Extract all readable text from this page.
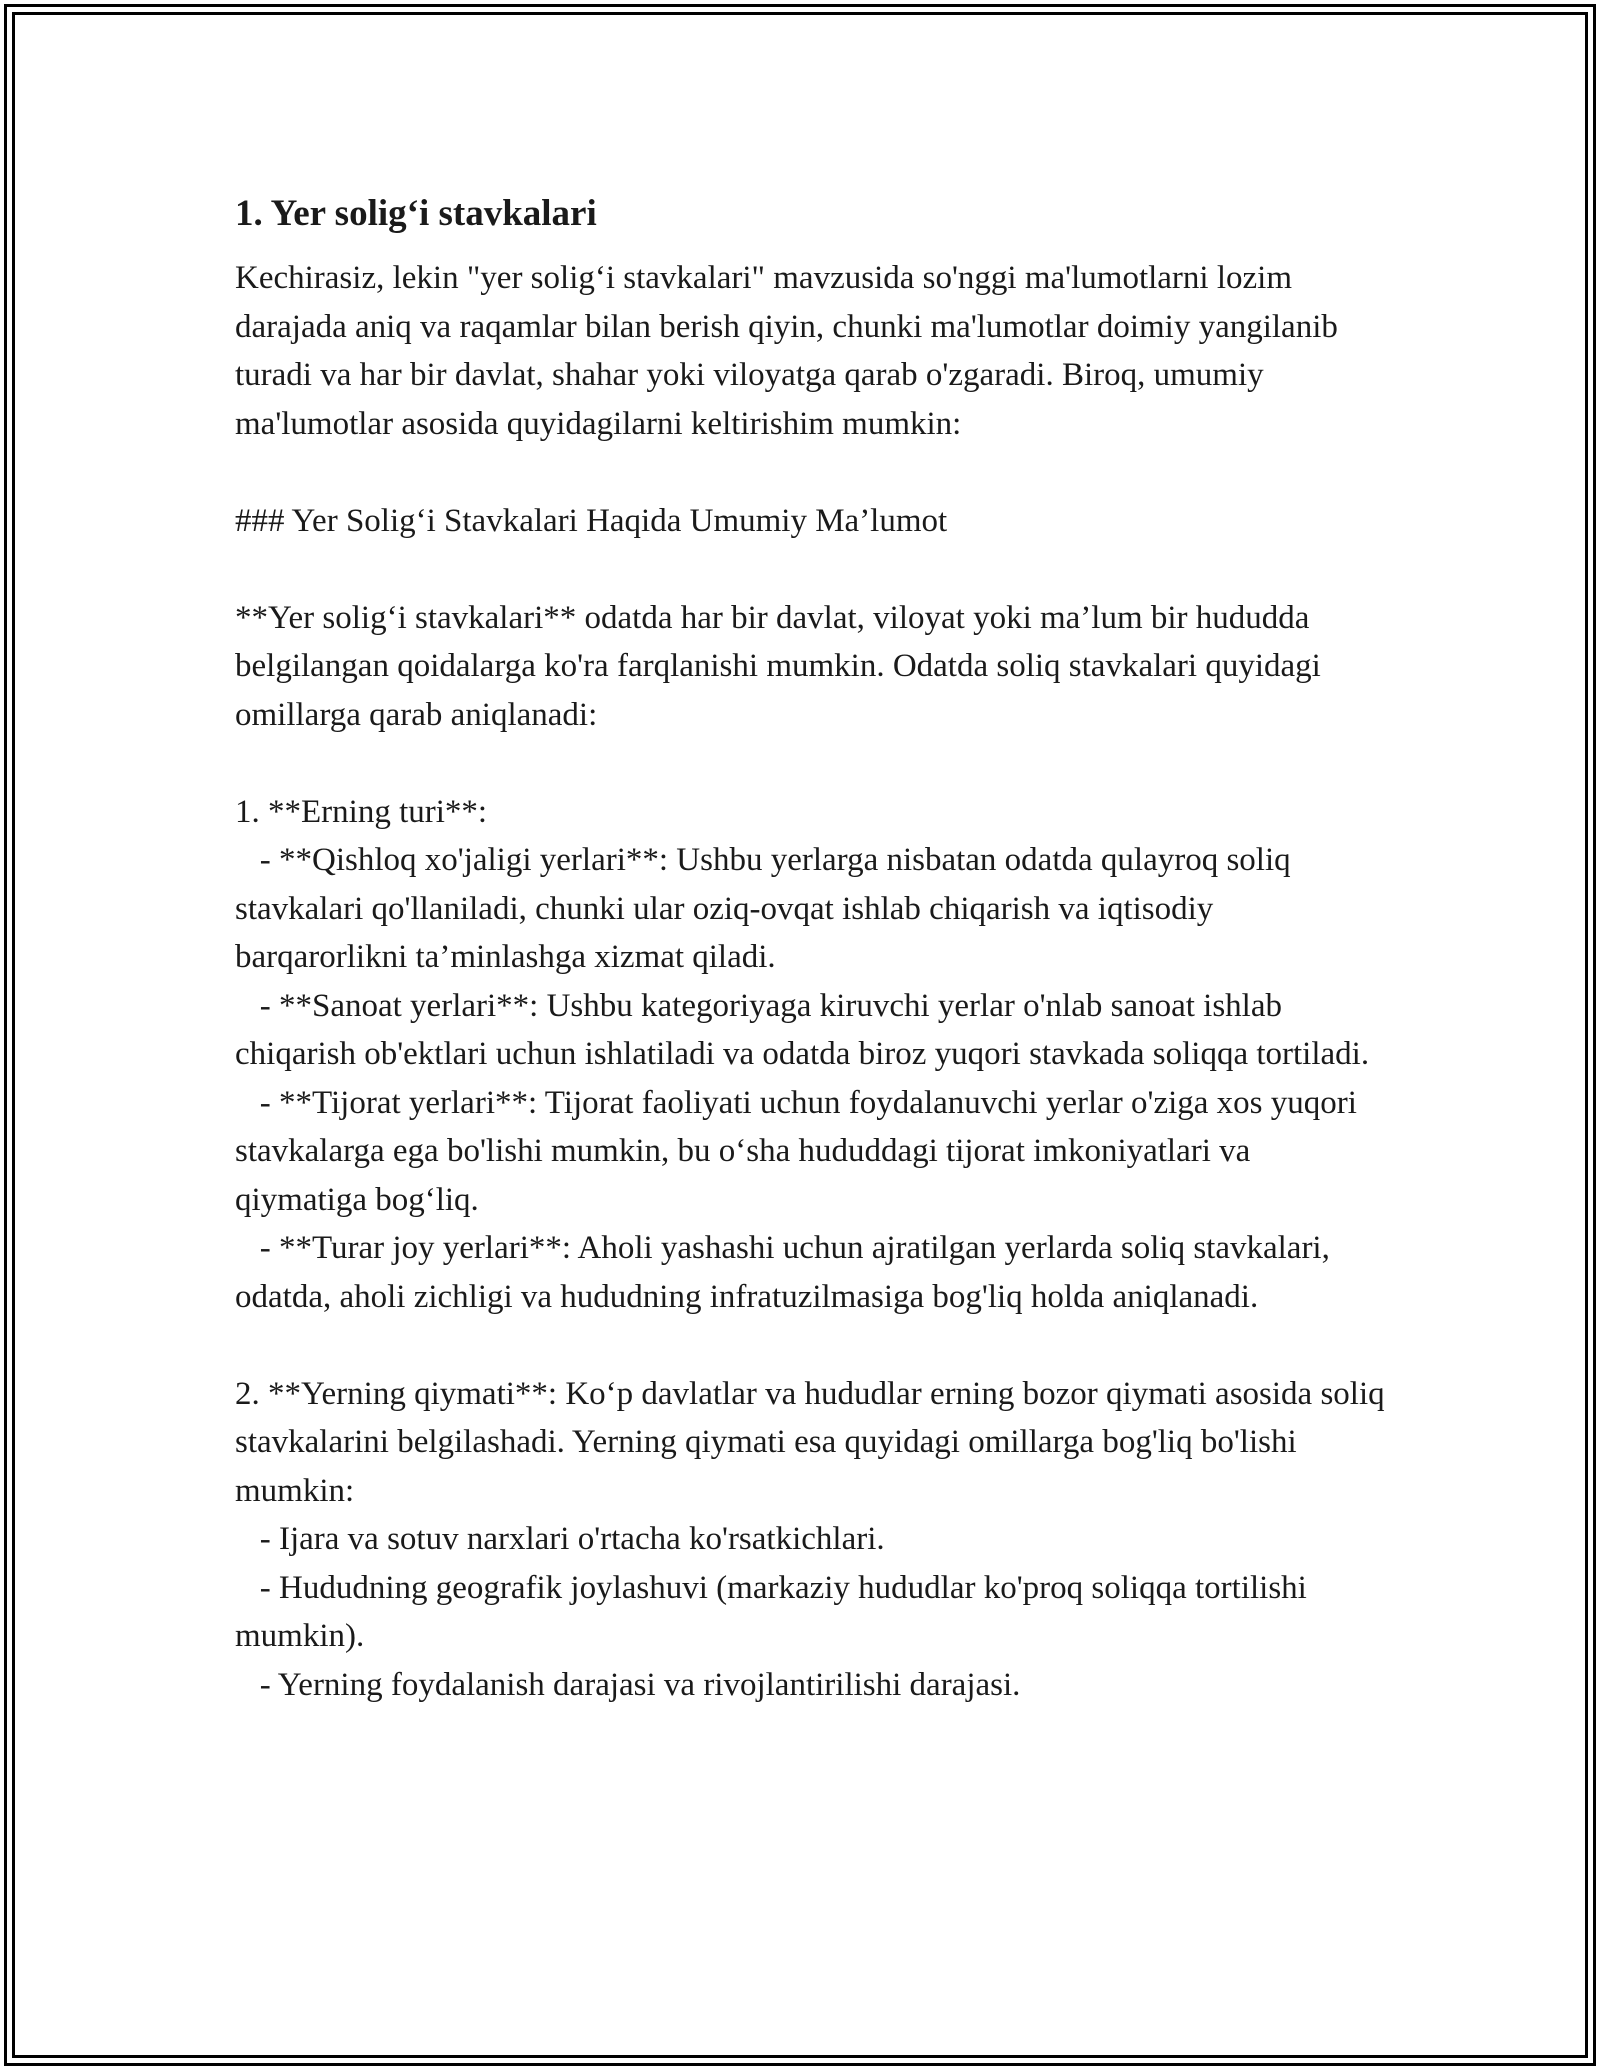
1. Yer solig‘i stavkalari

Kechirasiz, lekin "yer solig‘i stavkalari" mavzusida so'nggi ma'lumotlarni lozim darajada aniq va raqamlar bilan berish qiyin, chunki ma'lumotlar doimiy yangilanib turadi va har bir davlat, shahar yoki viloyatga qarab o'zgaradi. Biroq, umumiy ma'lumotlar asosida quyidagilarni keltirishim mumkin:

### Yer Solig‘i Stavkalari Haqida Umumiy Ma’lumot

**Yer solig‘i stavkalari** odatda har bir davlat, viloyat yoki ma’lum bir hududda belgilangan qoidalarga ko'ra farqlanishi mumkin. Odatda soliq stavkalari quyidagi omillarga qarab aniqlanadi:

1. **Erning turi**:

- **Qishloq xo'jaligi yerlari**: Ushbu yerlarga nisbatan odatda qulayroq soliq stavkalari qo'llaniladi, chunki ular oziq-ovqat ishlab chiqarish va iqtisodiy barqarorlikni ta’minlashga xizmat qiladi.

- **Sanoat yerlari**: Ushbu kategoriyaga kiruvchi yerlar o'nlab sanoat ishlab chiqarish ob'ektlari uchun ishlatiladi va odatda biroz yuqori stavkada soliqqa tortiladi.

- **Tijorat yerlari**: Tijorat faoliyati uchun foydalanuvchi yerlar o'ziga xos yuqori stavkalarga ega bo'lishi mumkin, bu o‘sha hududdagi tijorat imkoniyatlari va qiymatiga bog‘liq.

- **Turar joy yerlari**: Aholi yashashi uchun ajratilgan yerlarda soliq stavkalari, odatda, aholi zichligi va hududning infratuzilmasiga bog'liq holda aniqlanadi.

2. **Yerning qiymati**: Ko‘p davlatlar va hududlar erning bozor qiymati asosida soliq stavkalarini belgilashadi. Yerning qiymati esa quyidagi omillarga bog'liq bo'lishi mumkin:

- Ijara va sotuv narxlari o'rtacha ko'rsatkichlari.

- Hududning geografik joylashuvi (markaziy hududlar ko'proq soliqqa tortilishi mumkin).

- Yerning foydalanish darajasi va rivojlantirilishi darajasi.
